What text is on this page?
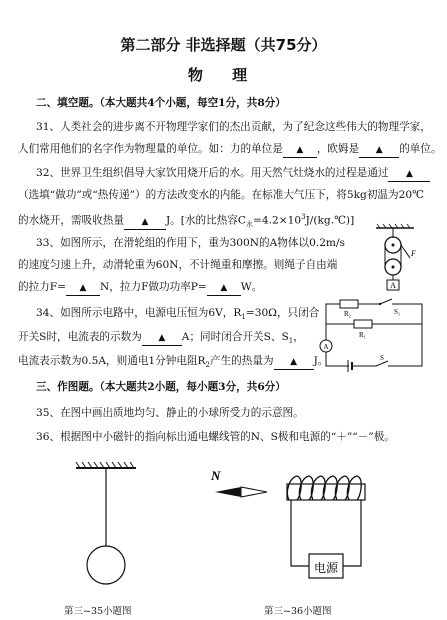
第二部分 非选择题（共75分）
物 理
二、填空题。（本大题共4个小题，每空1分，共8分）
31、人类社会的进步离不开物理学家们的杰出贡献，为了纪念这些伟大的物理学家，
人们常用他们的名字作为物理量的单位。如：力的单位是 ▲ ，欧姆是 ▲ 的单位。
32、世界卫生组织倡导大家饮用烧开后的水。用天然气灶烧水的过程是通过 ▲
（选填“做功”或“热传递”）的方法改变水的内能。在标准大气压下，将5kg初温为20℃
的水烧开，需吸收热量 ▲ J。[水的比热容$C_水=4.2\times 10^3J/(kg.℃)$]
33、如图所示，在滑轮组的作用下，重为300N的A物体以0.2m/s
的速度匀速上升，动滑轮重为60N，不计绳重和摩擦。则绳子自由端
的拉力F= ▲ N，拉力F做功功率P= ▲ W。
34、如图所示电路中，电源电压恒为6V，$R_1=30\Omega$，只闭合
开关S时，电流表的示数为 ▲ A；同时闭合开关S、$S_1$，
电流表示数为0.5A，则通电1分钟电阻$R_2$产生的热量为 ▲ J。
三、作图题。（本大题共2小题，每小题3分，共6分）
35、在图中画出质地均匀、静止的小球所受力的示意图。
36、根据图中小磁针的指向标出通电螺线管的N、S极和电源的“＋”“－”极。
A
F
R₂	S₁
R₁
A
S
N
电源
第三~35小题图	第三~36小题图
